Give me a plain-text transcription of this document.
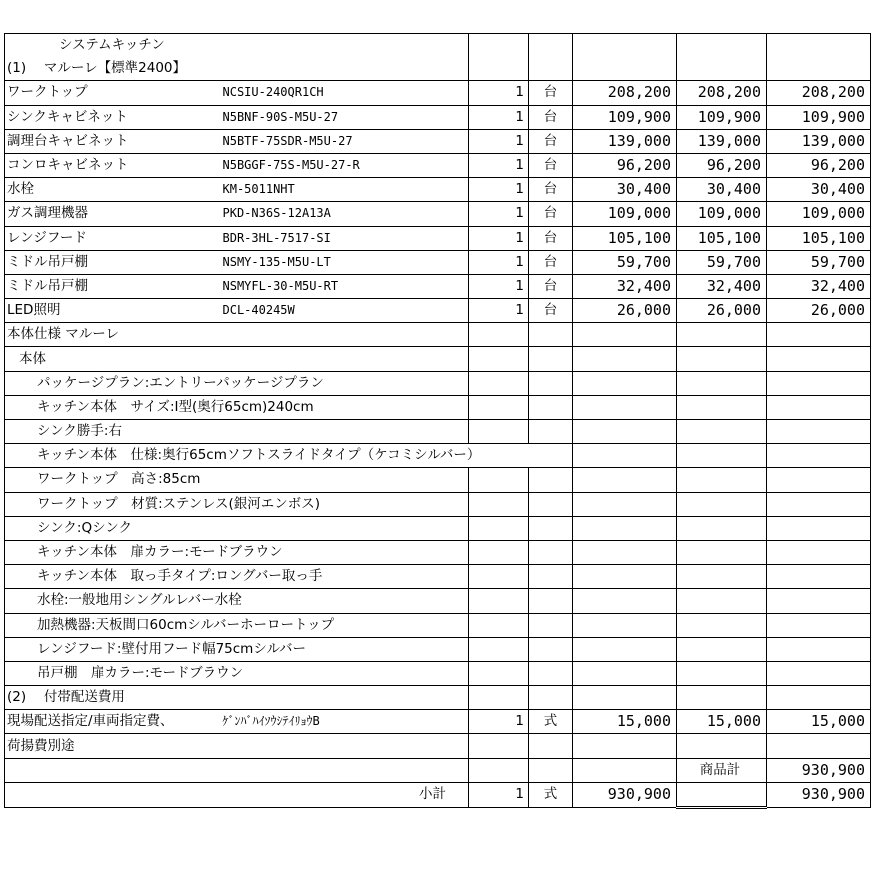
システムキッチン						
(1)　 マルーレ【標準2400】						
ワークトップ	NCSIU-240QR1CH	1	台	208,200	208,200	208,200
シンクキャビネット	N5BNF-90S-M5U-27	1	台	109,900	109,900	109,900
調理台キャビネット	N5BTF-75SDR-M5U-27	1	台	139,000	139,000	139,000
コンロキャビネット	N5BGGF-75S-M5U-27-R	1	台	96,200	96,200	96,200
水栓	KM-5011NHT	1	台	30,400	30,400	30,400
ガス調理機器	PKD-N36S-12A13A	1	台	109,000	109,000	109,000
レンジフード	BDR-3HL-7517-SI	1	台	105,100	105,100	105,100
ミドル吊戸棚	NSMY-135-M5U-LT	1	台	59,700	59,700	59,700
ミドル吊戸棚	NSMYFL-30-M5U-RT	1	台	32,400	32,400	32,400
LED照明	DCL-40245W	1	台	26,000	26,000	26,000
本体仕様 マルーレ						
本体						
パッケージプラン:エントリーパッケージプラン						
キッチン本体　サイズ:I型(奥行65cm)240cm						
シンク勝手:右						
キッチン本体　仕様:奥行65cmソフトスライドタイプ（ケコミシルバー）						
ワークトップ　高さ:85cm						
ワークトップ　材質:ステンレス(銀河エンボス)						
シンク:Qシンク						
キッチン本体　扉カラー:モードブラウン						
キッチン本体　取っ手タイプ:ロングバー取っ手						
水栓:一般地用シングルレバー水栓						
加熱機器:天板間口60cmシルバーホーロートップ						
レンジフード:壁付用フード幅75cmシルバー						
吊戸棚　扉カラー:モードブラウン						
(2)　 付帯配送費用						
現場配送指定/車両指定費、	ｹﾞﾝﾊﾞﾊｲｿｳｼﾃｲﾘｮｳB	1	式	15,000	15,000	15,000
荷揚費別途						
					商品計	930,900
小計		1	式	930,900		930,900
